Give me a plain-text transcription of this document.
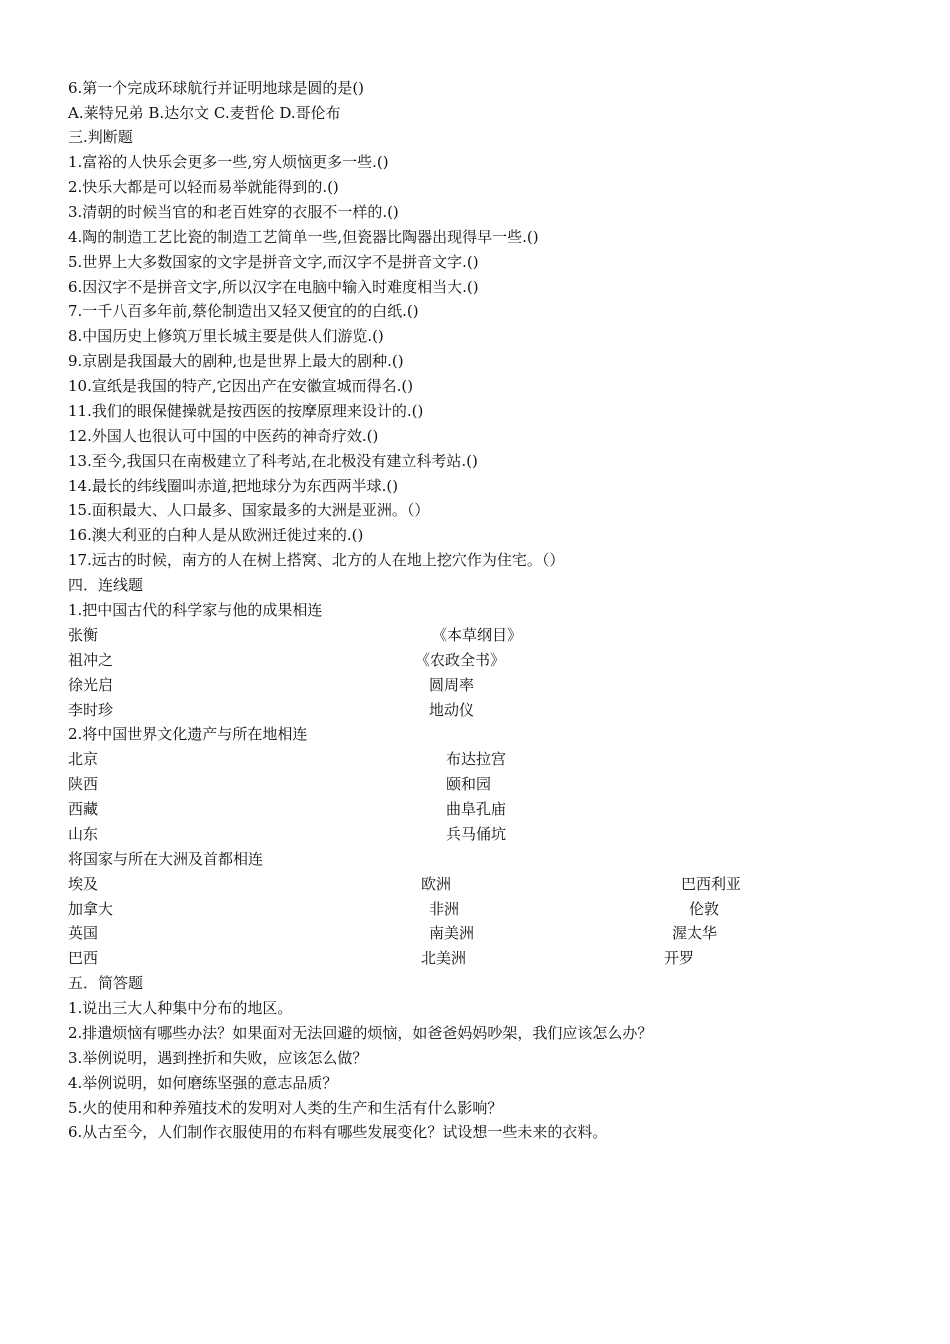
6.第一个完成环球航行并证明地球是圆的是()
A.莱特兄弟 B.达尔文 C.麦哲伦 D.哥伦布
三.判断题
1.富裕的人快乐会更多一些,穷人烦恼更多一些.()
2.快乐大都是可以轻而易举就能得到的.()
3.清朝的时候当官的和老百姓穿的衣服不一样的.()
4.陶的制造工艺比瓷的制造工艺简单一些,但瓷器比陶器出现得早一些.()
5.世界上大多数国家的文字是拼音文字,而汉字不是拼音文字.()
6.因汉字不是拼音文字,所以汉字在电脑中输入时难度相当大.()
7.一千八百多年前,蔡伦制造出又轻又便宜的的白纸.()
8.中国历史上修筑万里长城主要是供人们游览.()
9.京剧是我国最大的剧种,也是世界上最大的剧种.()
10.宣纸是我国的特产,它因出产在安徽宣城而得名.()
11.我们的眼保健操就是按西医的按摩原理来设计的.()
12.外国人也很认可中国的中医药的神奇疗效.()
13.至今,我国只在南极建立了科考站,在北极没有建立科考站.()
14.最长的纬线圈叫赤道,把地球分为东西两半球.()
15.面积最大、人口最多、国家最多的大洲是亚洲。（）
16.澳大利亚的白种人是从欧洲迁徙过来的.()
17.远古的时候，南方的人在树上搭窝、北方的人在地上挖穴作为住宅。（）
四．连线题
1.把中国古代的科学家与他的成果相连
张衡	《本草纲目》
祖冲之	《农政全书》
徐光启	圆周率
李时珍	地动仪
2.将中国世界文化遗产与所在地相连
北京	布达拉宫
陕西	颐和园
西藏	曲阜孔庙
山东	兵马俑坑
将国家与所在大洲及首都相连
埃及	欧洲	巴西利亚
加拿大	非洲	伦敦
英国	南美洲	渥太华
巴西	北美洲	开罗
五．简答题
1.说出三大人种集中分布的地区。
2.排遣烦恼有哪些办法？如果面对无法回避的烦恼，如爸爸妈妈吵架，我们应该怎么办？
3.举例说明，遇到挫折和失败，应该怎么做？
4.举例说明，如何磨练坚强的意志品质？
5.火的使用和种养殖技术的发明对人类的生产和生活有什么影响？
6.从古至今，人们制作衣服使用的布料有哪些发展变化？试设想一些未来的衣料。
